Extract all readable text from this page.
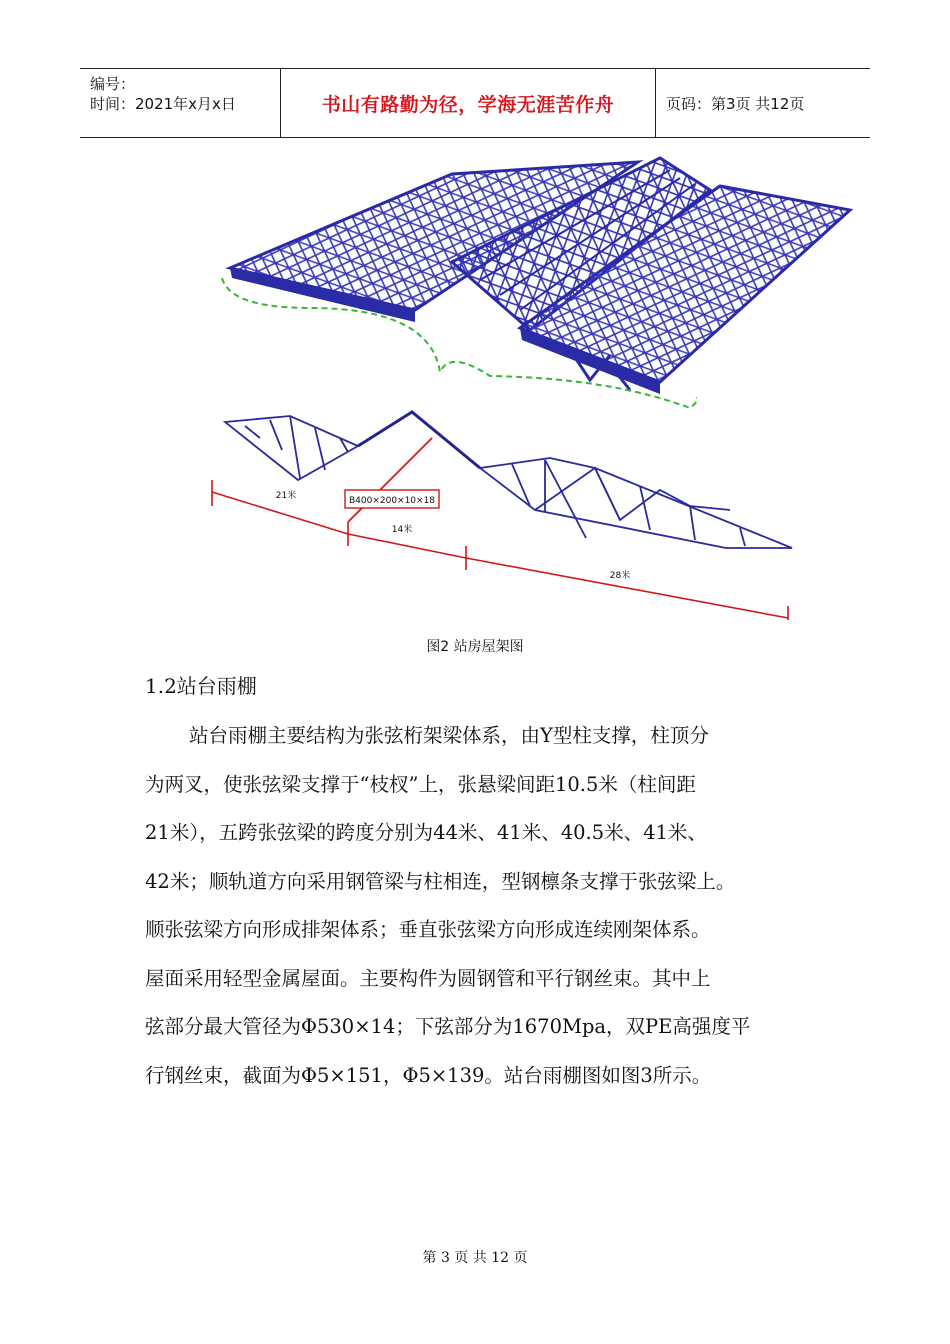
编号：
时间：2021年x月x日	书山有路勤为径，学海无涯苦作舟	页码：第3页 共12页
B400×200×10×18
21米
14米
28米
图2 站房屋架图
1.2站台雨棚
站台雨棚主要结构为张弦桁架梁体系，由Y型柱支撑，柱顶分
为两叉，使张弦梁支撑于“枝杈”上，张悬梁间距10.5米（柱间距
21米），五跨张弦梁的跨度分别为44米、41米、40.5米、41米、
42米；顺轨道方向采用钢管梁与柱相连，型钢檩条支撑于张弦梁上。
顺张弦梁方向形成排架体系；垂直张弦梁方向形成连续刚架体系。
屋面采用轻型金属屋面。主要构件为圆钢管和平行钢丝束。其中上
弦部分最大管径为Φ530×14；下弦部分为1670Mpa，双PE高强度平
行钢丝束，截面为Φ5×151，Φ5×139。站台雨棚图如图3所示。
第 3 页 共 12 页
